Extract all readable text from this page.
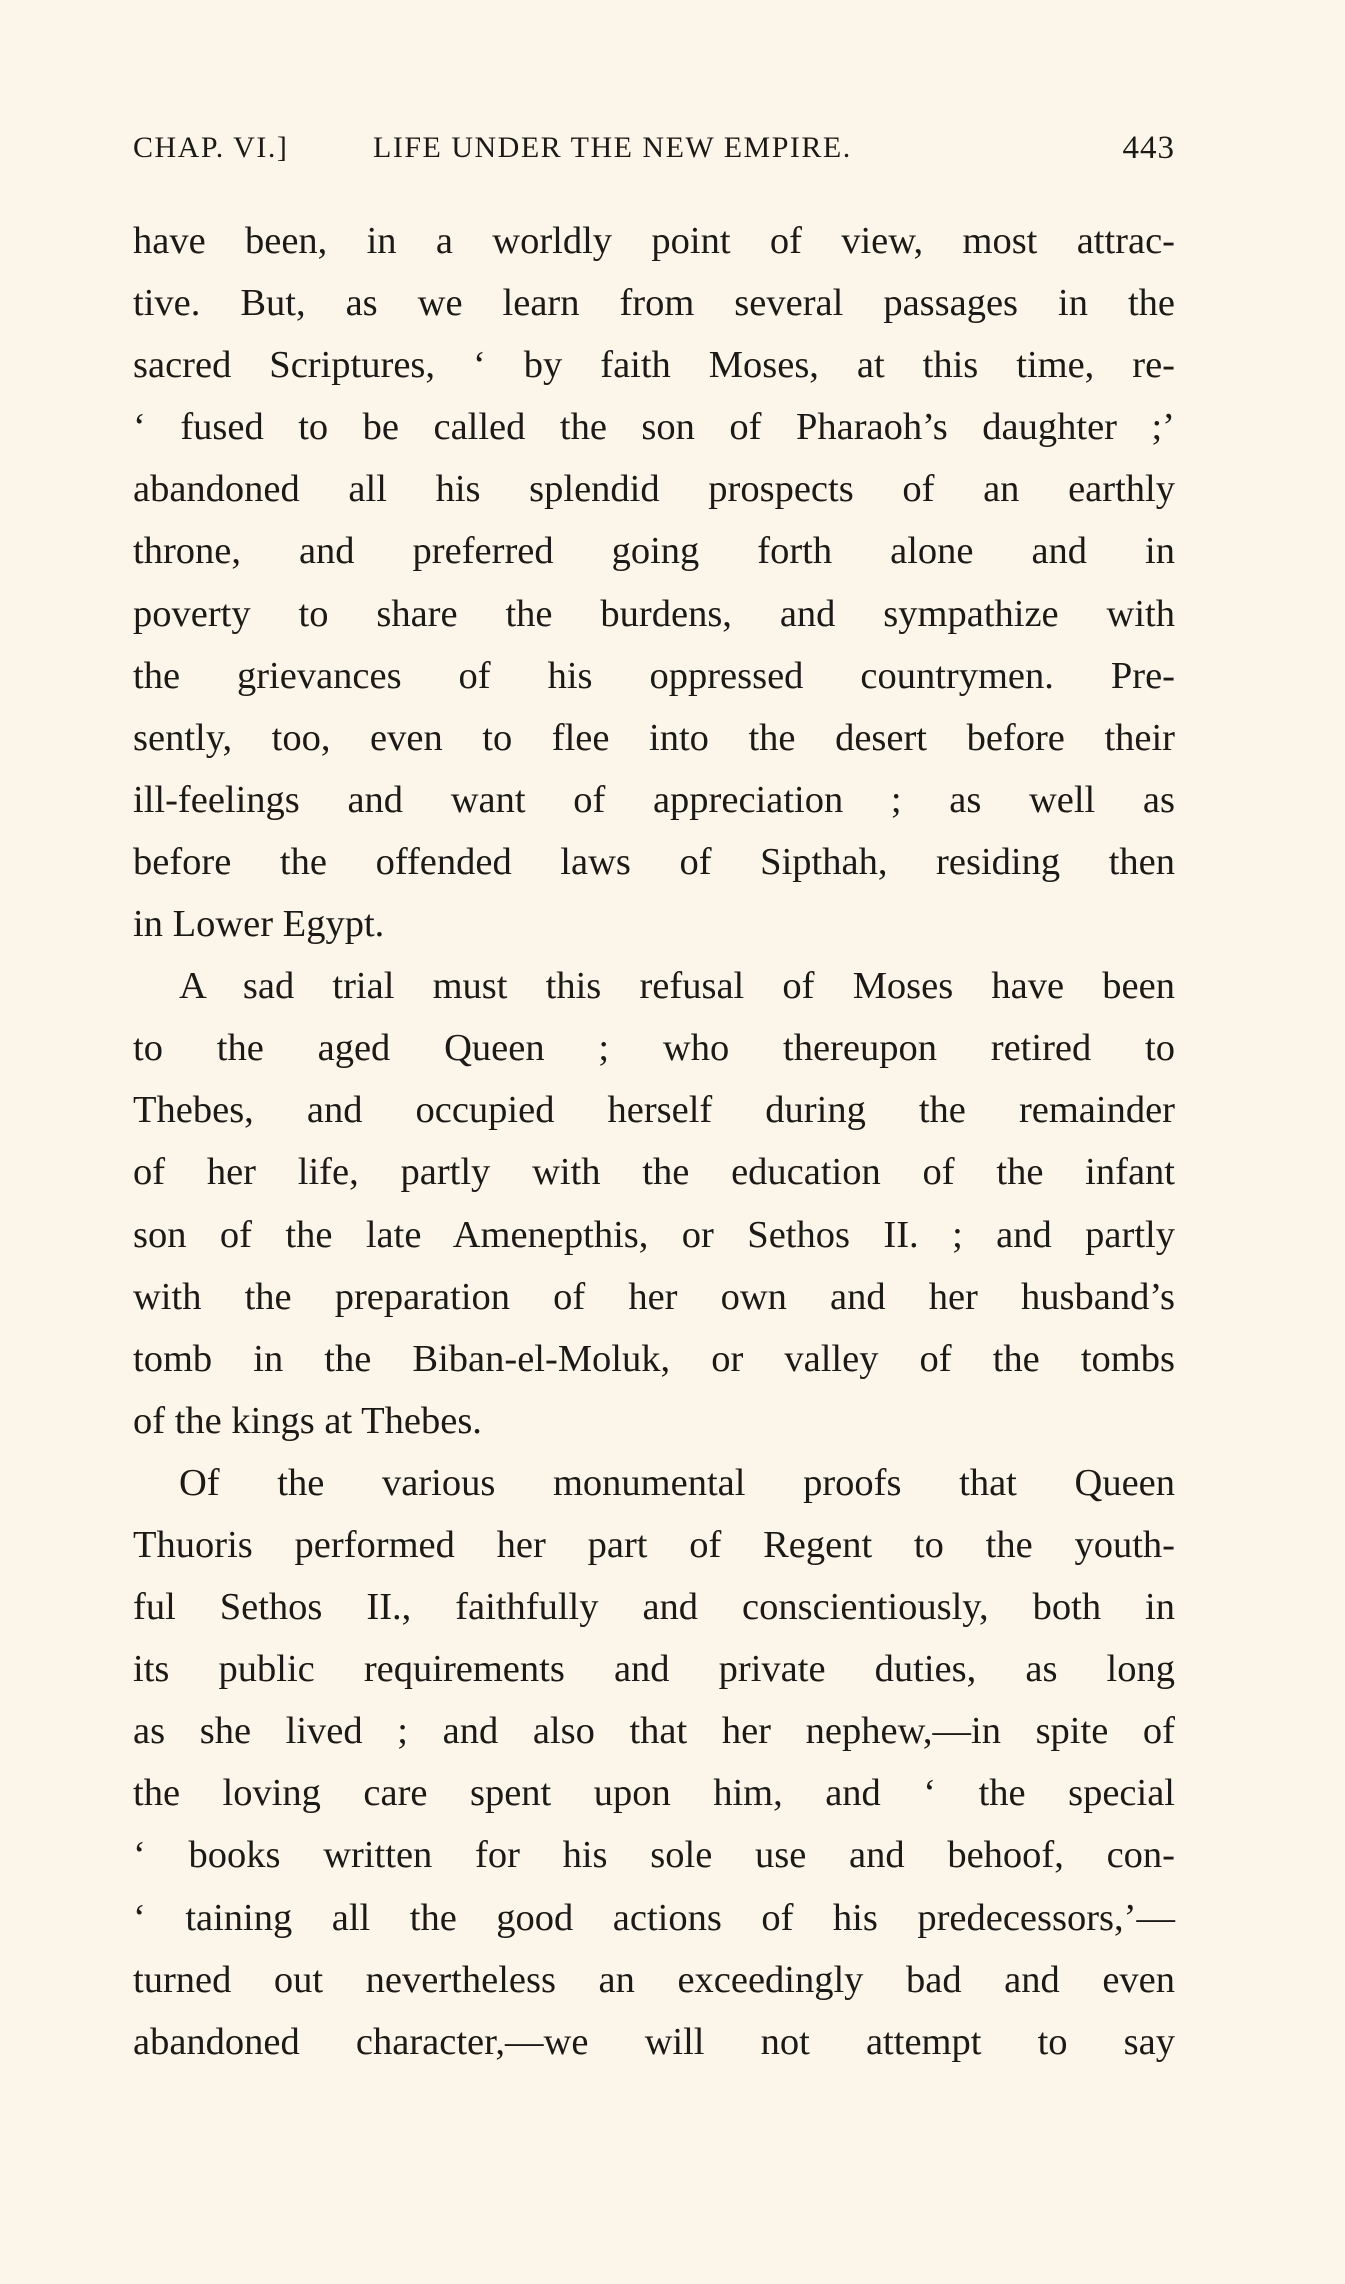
CHAP. VI.]	LIFE UNDER THE NEW EMPIRE.	443
have been, in a worldly point of view, most attrac-
tive. But, as we learn from several passages in the
sacred Scriptures, ‘ by faith Moses, at this time, re-
‘ fused to be called the son of Pharaoh’s daughter ;’
abandoned all his splendid prospects of an earthly
throne, and preferred going forth alone and in
poverty to share the burdens, and sympathize with
the grievances of his oppressed countrymen. Pre-
sently, too, even to flee into the desert before their
ill-feelings and want of appreciation ; as well as
before the offended laws of Sipthah, residing then
in Lower Egypt.
A sad trial must this refusal of Moses have been
to the aged Queen ; who thereupon retired to
Thebes, and occupied herself during the remainder
of her life, partly with the education of the infant
son of the late Amenepthis, or Sethos II. ; and partly
with the preparation of her own and her husband’s
tomb in the Biban-el-Moluk, or valley of the tombs
of the kings at Thebes.
Of the various monumental proofs that Queen
Thuoris performed her part of Regent to the youth-
ful Sethos II., faithfully and conscientiously, both in
its public requirements and private duties, as long
as she lived ; and also that her nephew,—in spite of
the loving care spent upon him, and ‘ the special
‘ books written for his sole use and behoof, con-
‘ taining all the good actions of his predecessors,’—
turned out nevertheless an exceedingly bad and even
abandoned character,—we will not attempt to say
